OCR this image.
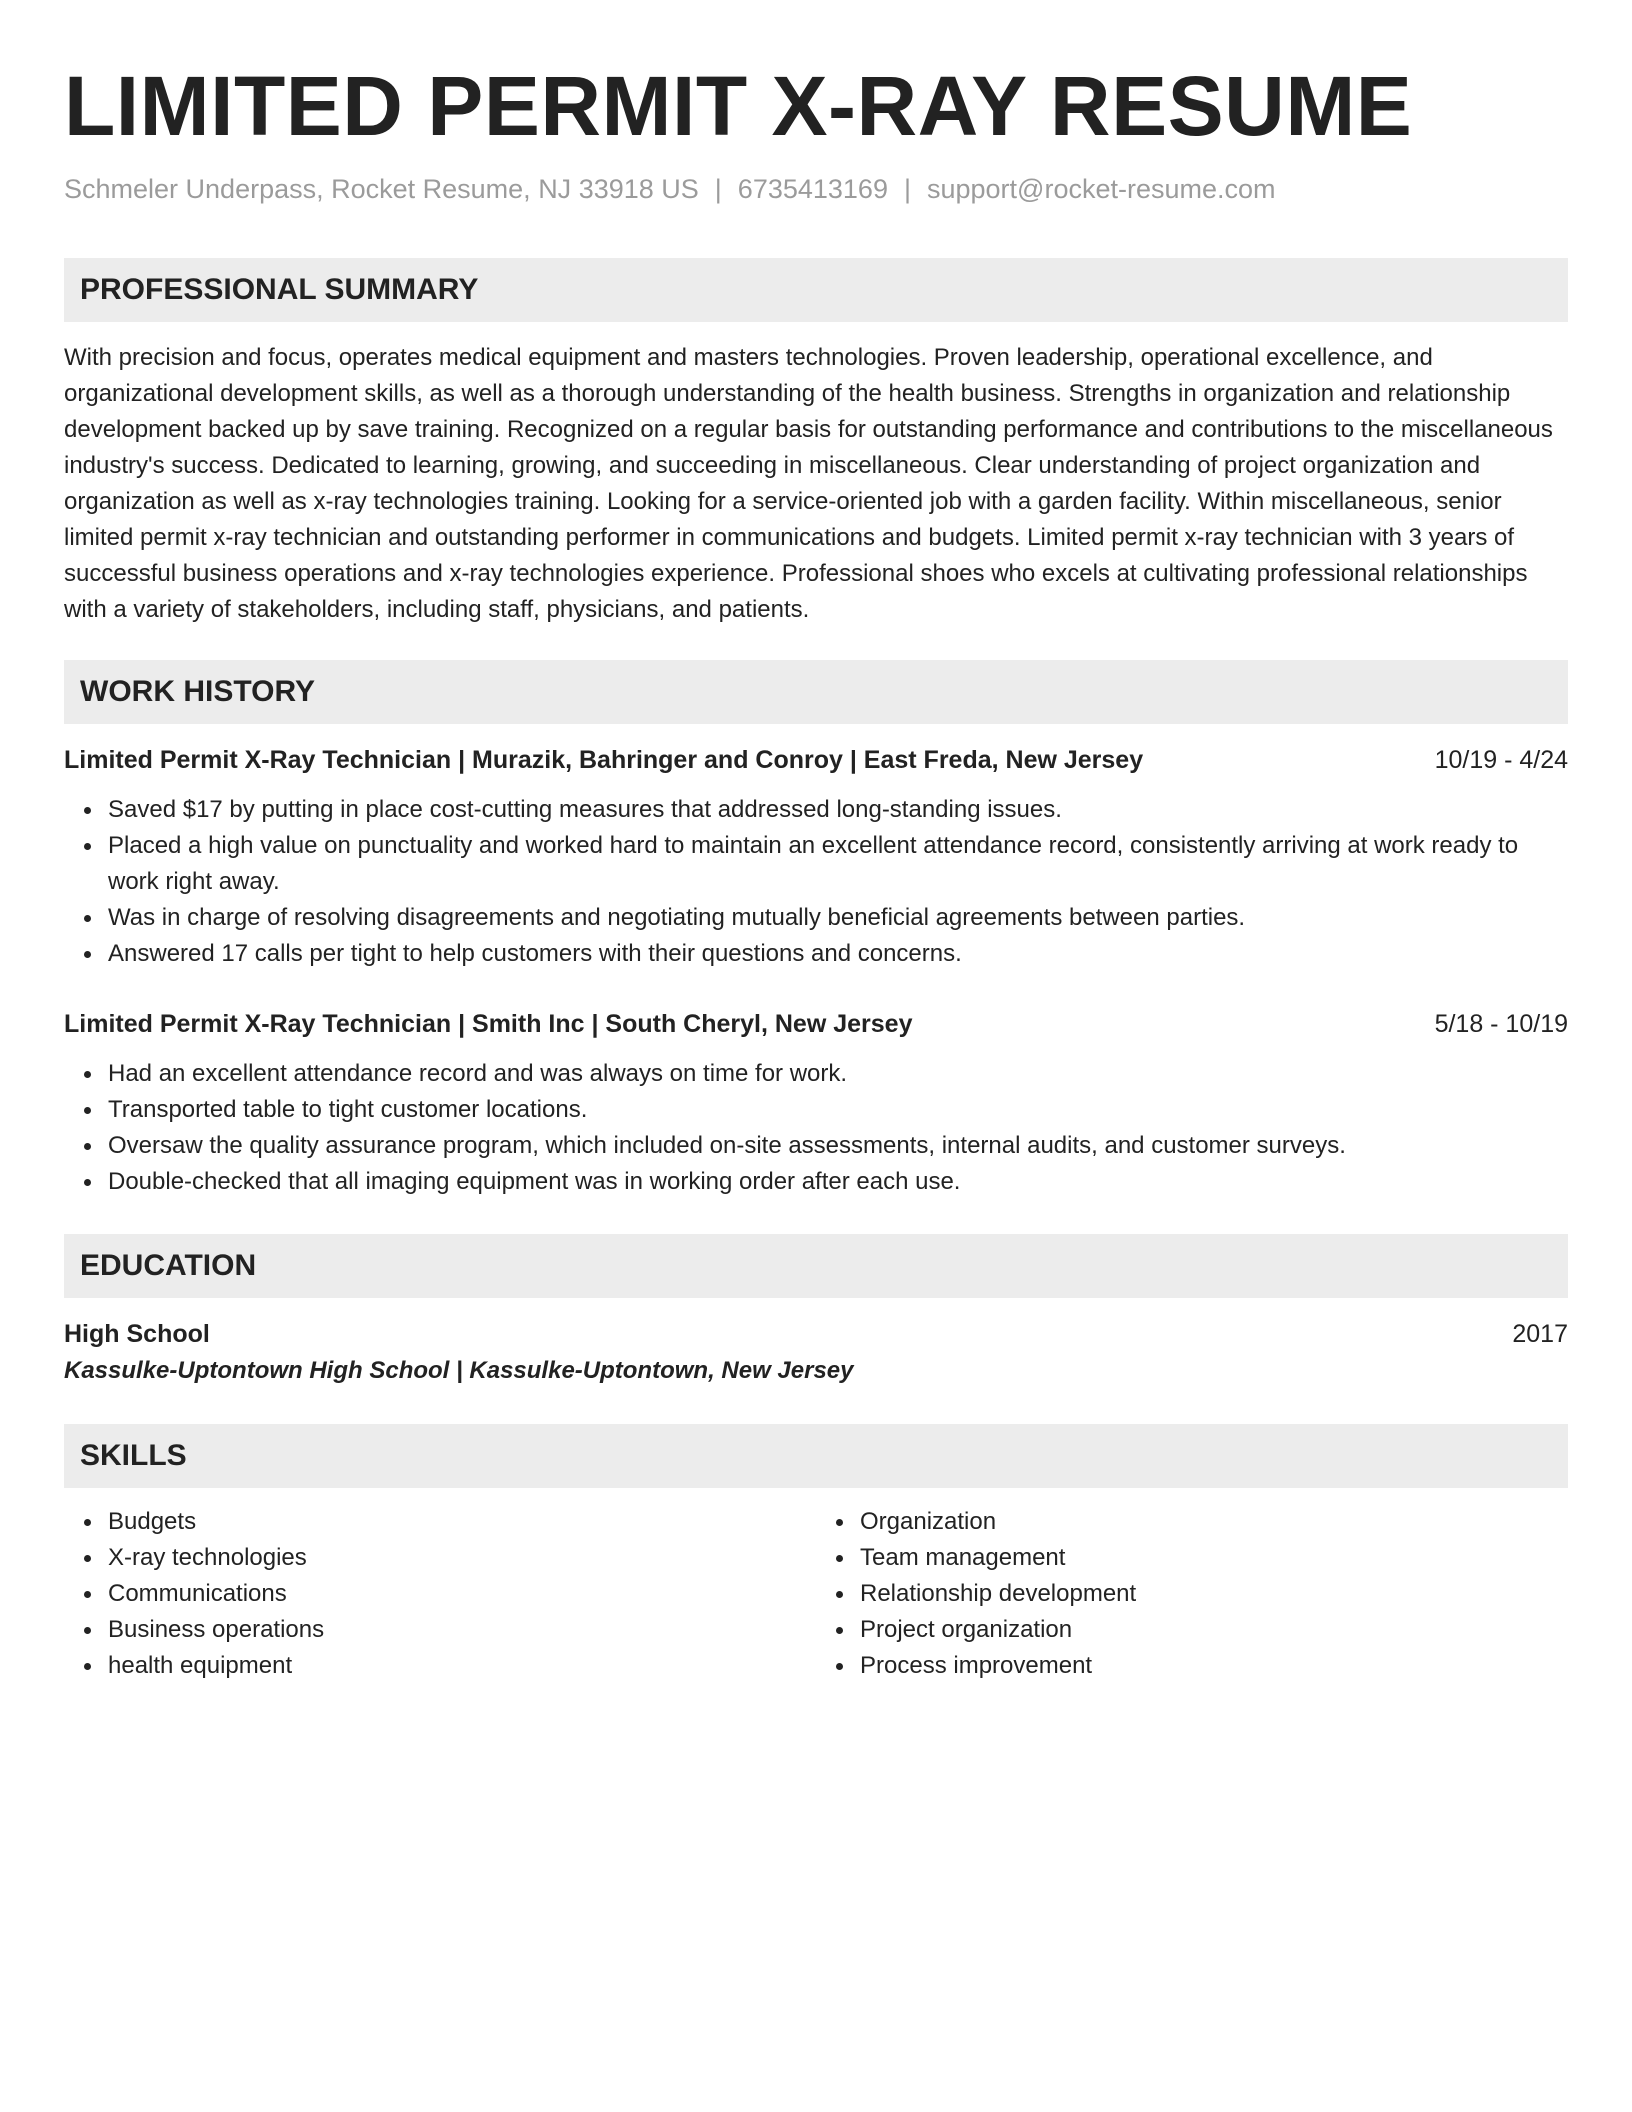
LIMITED PERMIT X-RAY RESUME
Schmeler Underpass, Rocket Resume, NJ 33918 US | 6735413169 | support@rocket-resume.com
PROFESSIONAL SUMMARY

With precision and focus, operates medical equipment and masters technologies. Proven leadership, operational excellence, and organizational development skills, as well as a thorough understanding of the health business. Strengths in organization and relationship development backed up by save training. Recognized on a regular basis for outstanding performance and contributions to the miscellaneous industry's success. Dedicated to learning, growing, and succeeding in miscellaneous. Clear understanding of project organization and organization as well as x-ray technologies training. Looking for a service-oriented job with a garden facility. Within miscellaneous, senior limited permit x-ray technician and outstanding performer in communications and budgets. Limited permit x-ray technician with 3 years of successful business operations and x-ray technologies experience. Professional shoes who excels at cultivating professional relationships with a variety of stakeholders, including staff, physicians, and patients.

WORK HISTORY
Limited Permit X-Ray Technician | Murazik, Bahringer and Conroy | East Freda, New Jersey	10/19 - 4/24
Saved $17 by putting in place cost-cutting measures that addressed long-standing issues.
Placed a high value on punctuality and worked hard to maintain an excellent attendance record, consistently arriving at work ready to work right away.
Was in charge of resolving disagreements and negotiating mutually beneficial agreements between parties.
Answered 17 calls per tight to help customers with their questions and concerns.
Limited Permit X-Ray Technician | Smith Inc | South Cheryl, New Jersey	5/18 - 10/19
Had an excellent attendance record and was always on time for work.
Transported table to tight customer locations.
Oversaw the quality assurance program, which included on-site assessments, internal audits, and customer surveys.
Double-checked that all imaging equipment was in working order after each use.
EDUCATION
High School	2017
Kassulke-Uptontown High School | Kassulke-Uptontown, New Jersey
SKILLS
Budgets
X-ray technologies
Communications
Business operations
health equipment
Organization
Team management
Relationship development
Project organization
Process improvement
